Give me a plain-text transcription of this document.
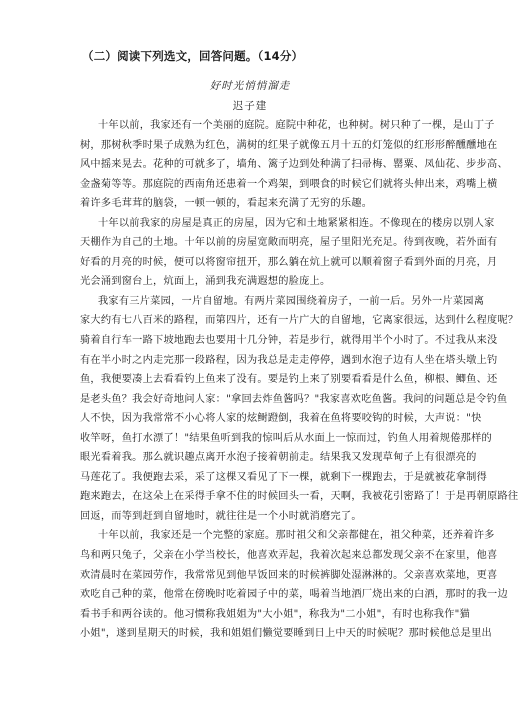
（二）阅读下列选文，回答问题。（14分）
好时光悄悄溜走
迟子建
十年以前，我家还有一个美丽的庭院。庭院中种花，也种树。树只种了一棵，是山丁子
树，那树秋季时果子成熟为红色，满树的红果子就像五月十五的灯笼似的红形形醉醺醺地在
风中摇来晃去。花种的可就多了，墙角、篱子边到处种满了扫帚梅、罂粟、凤仙花、步步高、
金盏菊等等。那庭院的西南角还患着一个鸡架，到喂食的时候它们就将头伸出来，鸡嘴上横
着许多毛茸茸的脑袋，一顿一顿的，看起来充满了无穷的乐趣。
十年以前我家的房屋是真正的房屋，因为它和土地紧紧相连。不像现在的楼房以别人家
天棚作为自己的土地。十年以前的房屋宽敞而明亮，屋子里阳光充足。待到夜晚，若外面有
好看的月亮的时候，便可以将窗帘扭开，那么躺在炕上就可以顺着窗子看到外面的月亮，月
光会涌到窗台上，炕面上，涌到我充满遐想的脸庞上。
我家有三片菜园，一片自留地。有两片菜园围绕着房子，一前一后。另外一片菜园离
家大约有七八百米的路程，而第四片，还有一片广大的自留地，它离家很远，达到什么程度呢？
骑着自行车一路下坡地跑去也要用十几分钟，若是步行，就得用半个小时了。不过我从来没
有在半小时之内走完那一段路程，因为我总是走走停停，遇到水泡子边有人坐在塔头墩上钓
鱼，我便要凑上去看看钓上鱼来了没有。要是钓上来了别要看看是什么鱼，柳根、鲫鱼、还
是老头鱼？我会好奇地问人家："拿回去炸鱼酱吗？"我家喜欢吃鱼酱。我问的问题总是令钓鱼
人不快，因为我常常不小心将人家的炫鲥蹬倒，我着在鱼将要咬钩的时候，大声说："快
收竿呀，鱼打水漂了！"结果鱼听到我的惊叫后从水面上一惊而过，钓鱼人用着规倦那样的
眼光看着我。那么就识趣点离开水泡子接着朝前走。结果我又发现草甸子上有很漂亮的
马莲花了。我便跑去采，采了这棵又看见了下一棵，就剩下一棵跑去，于是就被花拿制得
跑来跑去，在这朵上在采得手拿不住的时候回头一看，天啊，我被花引密路了！于是再朝原路往
回返，而等到赶到自留地时，就往往是一个小时就消磨完了。
十年以前，我家还是一个完整的家庭。那时祖父和父亲都健在，祖父种菜，还养着许多
鸟和两只兔子，父亲在小学当校长，他喜欢弄起，我着次起来总都发现父亲不在家里，他喜
欢清晨时在菜园劳作，我常常见到他早饭回来的时候裤脚处湿淋淋的。父亲喜欢菜地，更喜
欢吃自己种的菜，他常在傍晚时吃着园子中的菜，喝着当地酒厂烧出来的白酒，那时的我一边
看书手和两谷读的。他习惯称我姐姐为"大小姐"，称我为"二小姐"，有时也称我作"猫
小姐"，遂到星期天的时候，我和姐姐们懒觉要睡到日上中天的时候呢？那时候他总是里出
